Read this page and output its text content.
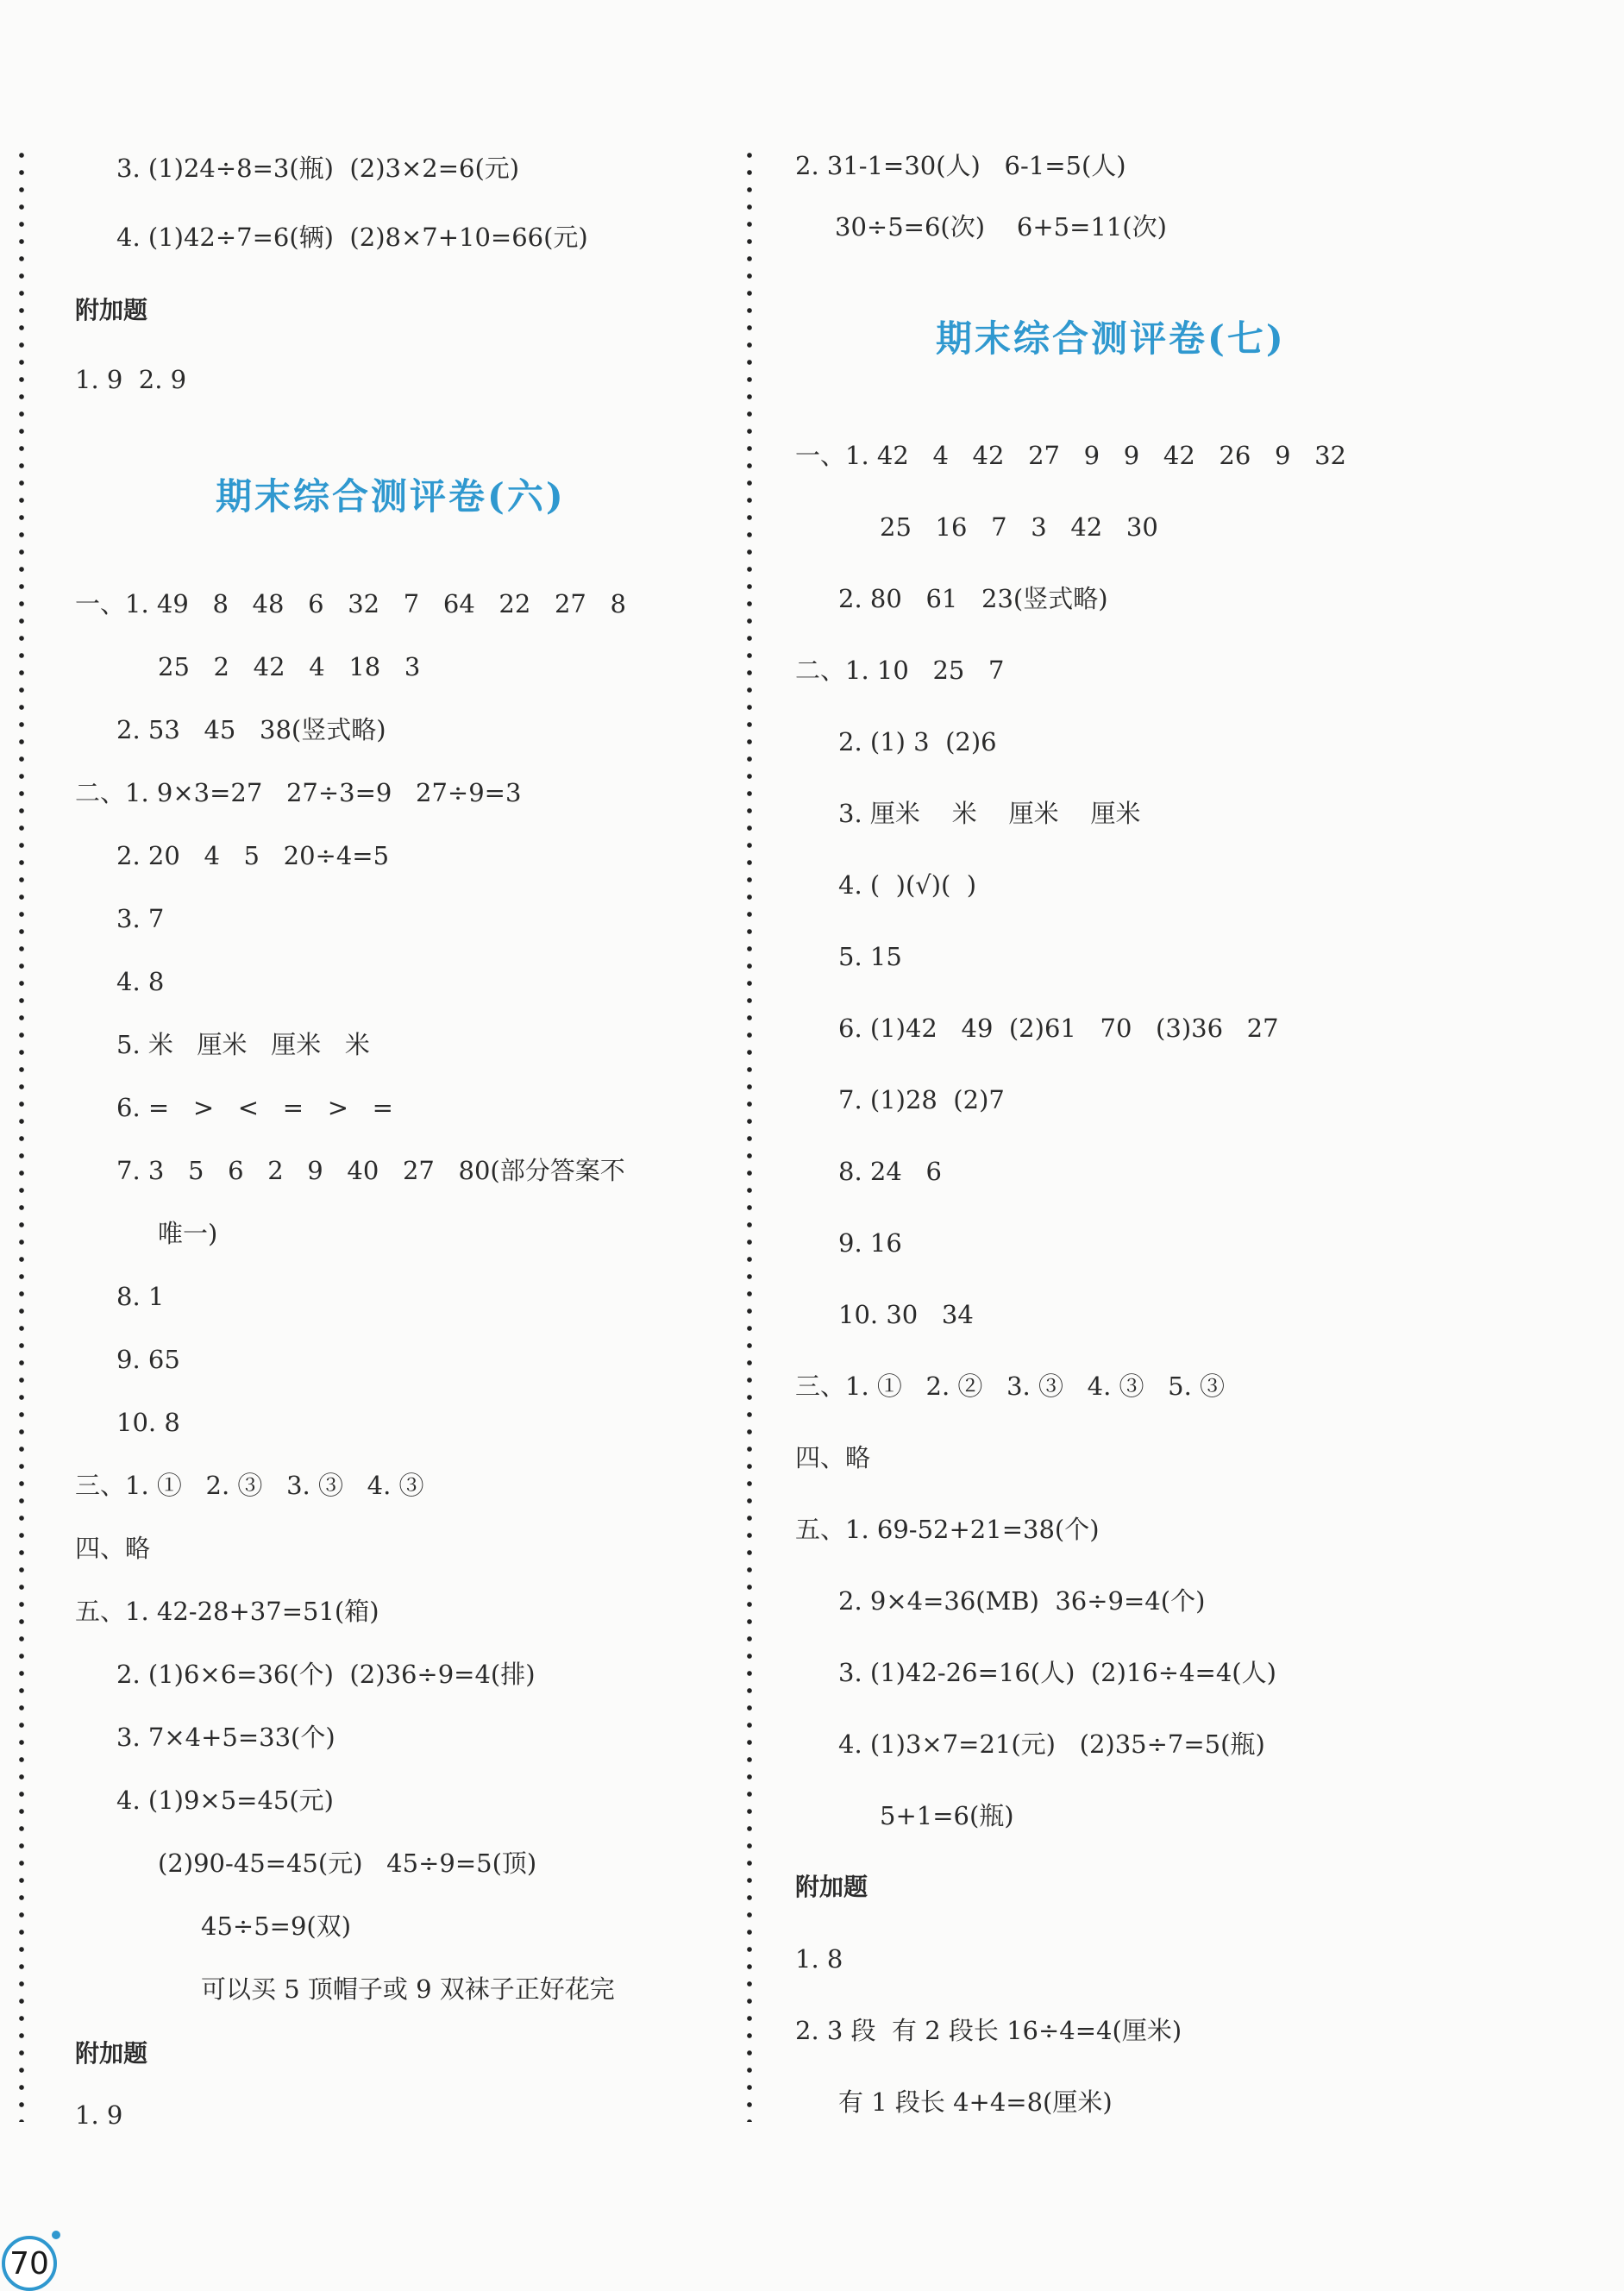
3. (1)24÷8=3(瓶)  (2)3×2=6(元)
4. (1)42÷7=6(辆)  (2)8×7+10=66(元)
附加题
1. 9  2. 9
期末综合测评卷(六)
一、1. 49   8   48   6   32   7   64   22   27   8
25   2   42   4   18   3
2. 53   45   38(竖式略)
二、1. 9×3=27   27÷3=9   27÷9=3
2. 20   4   5   20÷4=5
3. 7
4. 8
5. 米   厘米   厘米   米
6. =   >   <   =   >   =
7. 3   5   6   2   9   40   27   80(部分答案不
唯一)
8. 1
9. 65
10. 8
三、1. ①   2. ③   3. ③   4. ③
四、略
五、1. 42-28+37=51(箱)
2. (1)6×6=36(个)  (2)36÷9=4(排)
3. 7×4+5=33(个)
4. (1)9×5=45(元)
(2)90-45=45(元)   45÷9=5(顶)
45÷5=9(双)
可以买 5 顶帽子或 9 双袜子正好花完
附加题
1. 9
2. 31-1=30(人)   6-1=5(人)
30÷5=6(次)    6+5=11(次)
期末综合测评卷(七)
一、1. 42   4   42   27   9   9   42   26   9   32
25   16   7   3   42   30
2. 80   61   23(竖式略)
二、1. 10   25   7
2. (1) 3  (2)6
3. 厘米    米    厘米    厘米
4. (  )(√)(  )
5. 15
6. (1)42   49  (2)61   70   (3)36   27
7. (1)28  (2)7
8. 24   6
9. 16
10. 30   34
三、1. ①   2. ②   3. ③   4. ③   5. ③
四、略
五、1. 69-52+21=38(个)
2. 9×4=36(MB)  36÷9=4(个)
3. (1)42-26=16(人)  (2)16÷4=4(人)
4. (1)3×7=21(元)   (2)35÷7=5(瓶)
5+1=6(瓶)
附加题
1. 8
2. 3 段  有 2 段长 16÷4=4(厘米)
有 1 段长 4+4=8(厘米)
70
